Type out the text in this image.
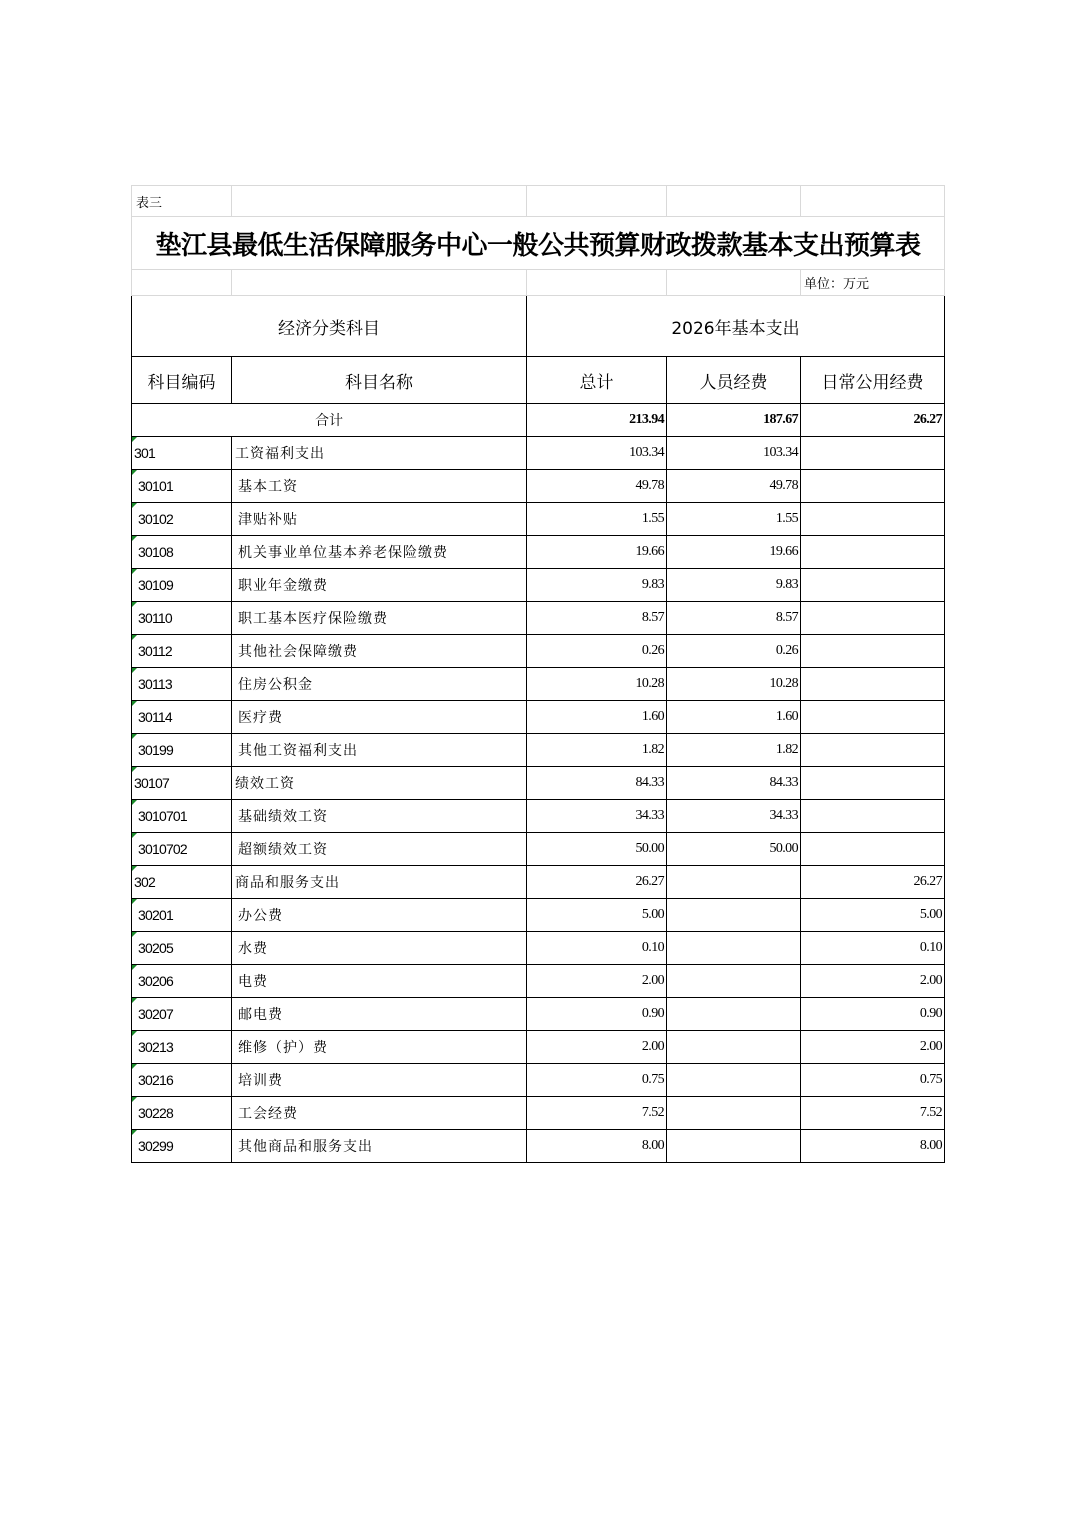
表三				
垫江县最低生活保障服务中心一般公共预算财政拨款基本支出预算表				
				单位：万元
经济分类科目		2026年基本支出		
科目编码	科目名称	总计	人员经费	日常公用经费
合计		213.94	187.67	26.27
301	工资福利支出	103.34	103.34	
30101	基本工资	49.78	49.78	
30102	津贴补贴	1.55	1.55	
30108	机关事业单位基本养老保险缴费	19.66	19.66	
30109	职业年金缴费	9.83	9.83	
30110	职工基本医疗保险缴费	8.57	8.57	
30112	其他社会保障缴费	0.26	0.26	
30113	住房公积金	10.28	10.28	
30114	医疗费	1.60	1.60	
30199	其他工资福利支出	1.82	1.82	
30107	绩效工资	84.33	84.33	
3010701	基础绩效工资	34.33	34.33	
3010702	超额绩效工资	50.00	50.00	
302	商品和服务支出	26.27		26.27
30201	办公费	5.00		5.00
30205	水费	0.10		0.10
30206	电费	2.00		2.00
30207	邮电费	0.90		0.90
30213	维修（护）费	2.00		2.00
30216	培训费	0.75		0.75
30228	工会经费	7.52		7.52
30299	其他商品和服务支出	8.00		8.00
